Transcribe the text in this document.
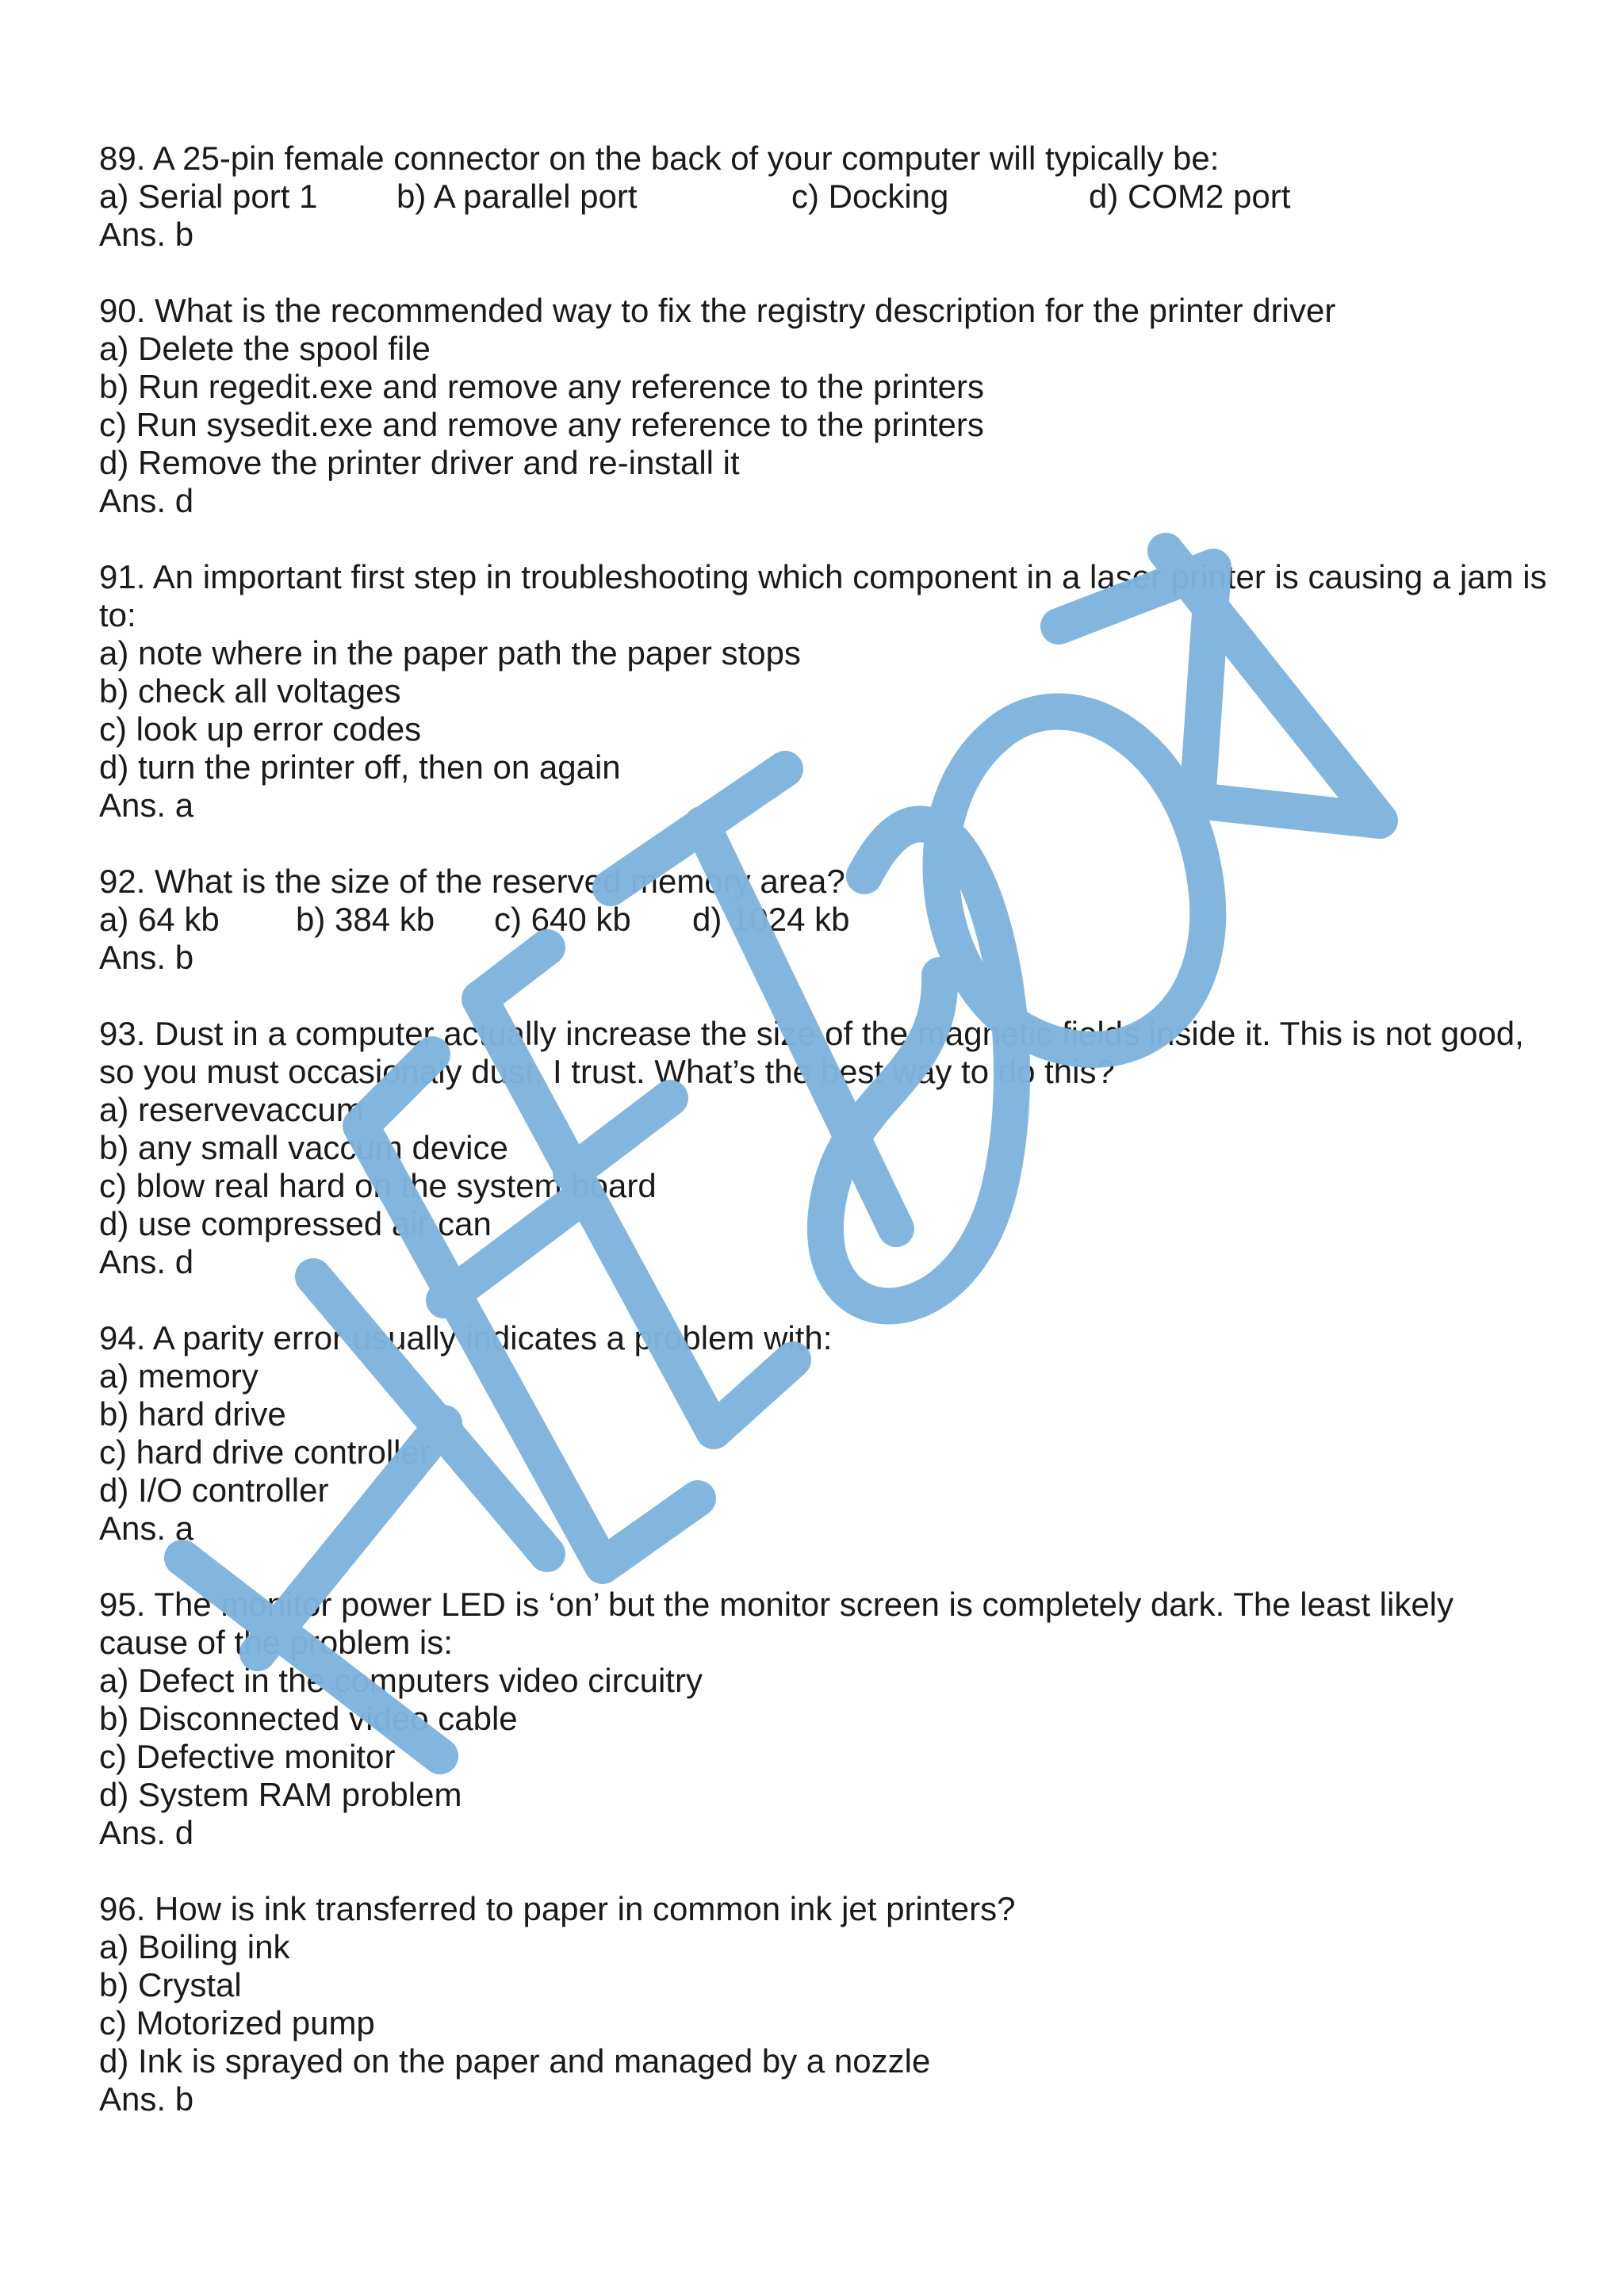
89. A 25-pin female connector on the back of your computer will typically be:
a) Serial port 1 b) A parallel port	c) Docking	d) COM2 port
Ans. b
90. What is the recommended way to fix the registry description for the printer driver
a) Delete the spool file
b) Run regedit.exe and remove any reference to the printers
c) Run sysedit.exe and remove any reference to the printers
d) Remove the printer driver and re-install it
Ans. d
91. An important first step in troubleshooting which component in a laser printer is causing a jam is to:
a) note where in the paper path the paper stops
b) check all voltages
c) look up error codes
d) turn the printer off, then on again
Ans. a
92. What is the size of the reserved memory area?
a) 64 kb b) 384 kb c) 640 kb d) 1024 kb
Ans. b
93. Dust in a computer actually increase the size of the magnetic fields inside it. This is not good, so you must occasionaly dust, I trust. What’s the best way to do this?
a) reservevaccum
b) any small vaccum device
c) blow real hard on the system board
d) use compressed air can
Ans. d
94. A parity error usually indicates a problem with:
a) memory
b) hard drive
c) hard drive controller
d) I/O controller
Ans. a
95. The monitor power LED is ‘on’ but the monitor screen is completely dark. The least likely cause of the problem is:
a) Defect in the computers video circuitry
b) Disconnected video cable
c) Defective monitor
d) System RAM problem
Ans. d
96. How is ink transferred to paper in common ink jet printers?
a) Boiling ink
b) Crystal
c) Motorized pump
d) Ink is sprayed on the paper and managed by a nozzle
Ans. b
